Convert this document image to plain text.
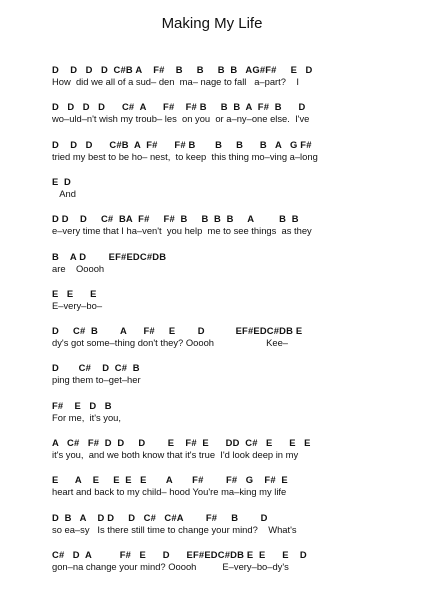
Making My Life
D    D   D   D  C#B A    F#    B     B     B  B   AG#F#     E   D
How  did we all of a sud– den  ma– nage to fall   a–part?    I
D   D   D   D      C#  A      F#    F# B     B  B  A  F#  B      D
wo–uld–n't wish my troub– les  on you  or a–ny–one else.  I've
D    D   D      C#B  A  F#      F# B       B     B      B   A   G F#
tried my best to be ho– nest,  to keep  this thing mo–ving a–long
E  D
And
D D    D     C#  BA  F#     F#  B     B  B  B     A         B  B
e–very time that I ha–ven't  you help  me to see things  as they
B    A D        EF#EDC#DB
are    Ooooh
E   E      E
E–very–bo–
D     C#  B        A      F#     E        D           EF#EDC#DB E
dy's got some–thing don't they? Ooooh                    Kee–
D       C#    D  C#  B
ping them to–get–her
F#    E   D   B
For me,  it's you,
A   C#   F#  D  D     D        E    F#  E      DD  C#   E      E   E
it's you,  and we both know that it's true  I'd look deep in my
E      A    E     E  E   E       A       F#        F#   G    F#  E
heart and back to my child– hood You're ma–king my life
D  B   A    D D     D   C#   C#A        F#     B        D
so ea–sy   Is there still time to change your mind?    What's
C#   D  A          F#   E      D      EF#EDC#DB E  E      E    D
gon–na change your mind? Ooooh          E–very–bo–dy's
